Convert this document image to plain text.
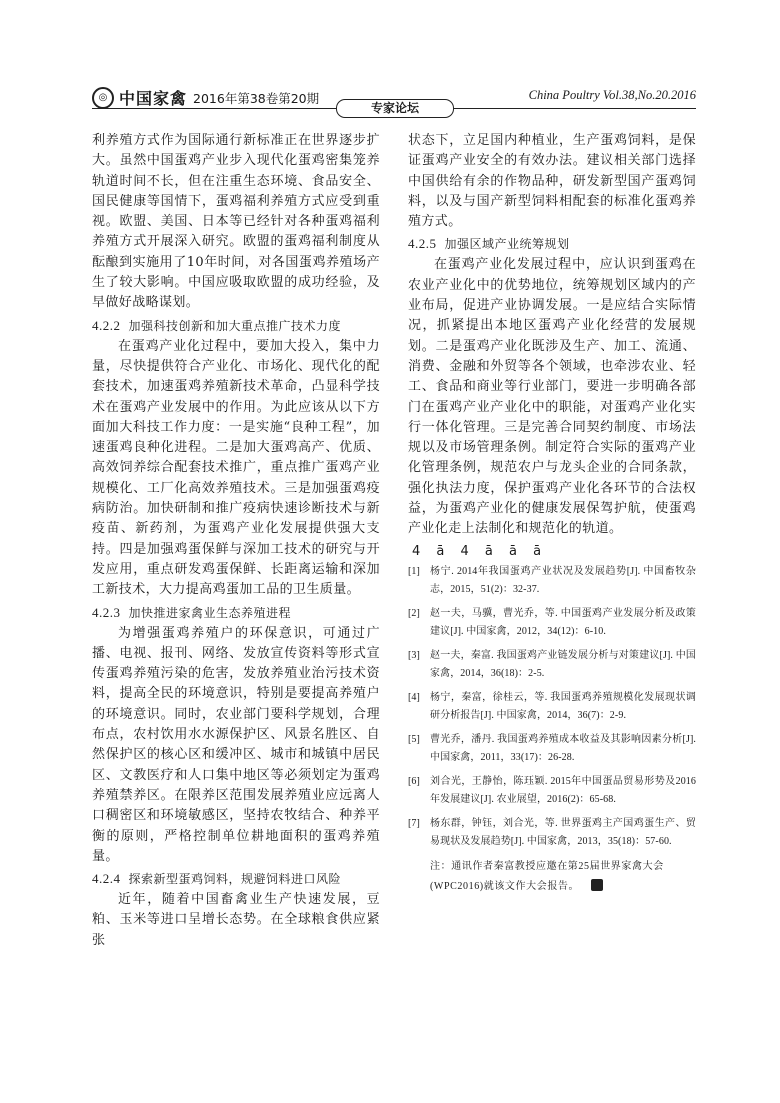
◎ 中国家禽 2016年第38卷第20期	China Poultry Vol.38,No.20.2016
专家论坛

利养殖方式作为国际通行新标准正在世界逐步扩大。虽然中国蛋鸡产业步入现代化蛋鸡密集笼养轨道时间不长，但在注重生态环境、食品安全、国民健康等国情下，蛋鸡福利养殖方式应受到重视。欧盟、美国、日本等已经针对各种蛋鸡福利养殖方式开展深入研究。欧盟的蛋鸡福利制度从酝酿到实施用了10年时间，对各国蛋鸡养殖场产生了较大影响。中国应吸取欧盟的成功经验，及早做好战略谋划。

4.2.2 加强科技创新和加大重点推广技术力度

在蛋鸡产业化过程中，要加大投入，集中力量，尽快提供符合产业化、市场化、现代化的配套技术，加速蛋鸡养殖新技术革命，凸显科学技术在蛋鸡产业发展中的作用。为此应该从以下方面加大科技工作力度：一是实施“良种工程”，加速蛋鸡良种化进程。二是加大蛋鸡高产、优质、高效饲养综合配套技术推广，重点推广蛋鸡产业规模化、工厂化高效养殖技术。三是加强蛋鸡疫病防治。加快研制和推广疫病快速诊断技术与新疫苗、新药剂，为蛋鸡产业化发展提供强大支持。四是加强鸡蛋保鲜与深加工技术的研究与开发应用，重点研发鸡蛋保鲜、长距离运输和深加工新技术，大力提高鸡蛋加工品的卫生质量。

4.2.3 加快推进家禽业生态养殖进程

为增强蛋鸡养殖户的环保意识，可通过广播、电视、报刊、网络、发放宣传资料等形式宣传蛋鸡养殖污染的危害，发放养殖业治污技术资料，提高全民的环境意识，特别是要提高养殖户的环境意识。同时，农业部门要科学规划，合理布点，农村饮用水水源保护区、风景名胜区、自然保护区的核心区和缓冲区、城市和城镇中居民区、文教医疗和人口集中地区等必须划定为蛋鸡养殖禁养区。在限养区范围发展养殖业应远离人口稠密区和环境敏感区，坚持农牧结合、种养平衡的原则，严格控制单位耕地面积的蛋鸡养殖量。

4.2.4 探索新型蛋鸡饲料，规避饲料进口风险

近年，随着中国畜禽业生产快速发展，豆粕、玉米等进口呈增长态势。在全球粮食供应紧张

状态下，立足国内种植业，生产蛋鸡饲料，是保证蛋鸡产业安全的有效办法。建议相关部门选择中国供给有余的作物品种，研发新型国产蛋鸡饲料，以及与国产新型饲料相配套的标准化蛋鸡养殖方式。

4.2.5 加强区域产业统筹规划

在蛋鸡产业化发展过程中，应认识到蛋鸡在农业产业化中的优势地位，统筹规划区域内的产业布局，促进产业协调发展。一是应结合实际情况，抓紧提出本地区蛋鸡产业化经营的发展规划。二是蛋鸡产业化既涉及生产、加工、流通、消费、金融和外贸等各个领域，也牵涉农业、轻工、食品和商业等行业部门，要进一步明确各部门在蛋鸡产业产业化中的职能，对蛋鸡产业化实行一体化管理。三是完善合同契约制度、市场法规以及市场管理条例。制定符合实际的蛋鸡产业化管理条例，规范农户与龙头企业的合同条款，强化执法力度，保护蛋鸡产业化各环节的合法权益，为蛋鸡产业化的健康发展保驾护航，使蛋鸡产业化走上法制化和规范化的轨道。

4 ā 4 ā ā ā
[1]	杨宁. 2014年我国蛋鸡产业状况及发展趋势[J]. 中国畜牧杂志，2015，51(2)：32-37.
[2]	赵一夫，马骥，曹光乔，等. 中国蛋鸡产业发展分析及政策建议[J]. 中国家禽，2012，34(12)：6-10.
[3]	赵一夫，秦富. 我国蛋鸡产业链发展分析与对策建议[J]. 中国家禽，2014，36(18)：2-5.
[4]	杨宁，秦富，徐桂云，等. 我国蛋鸡养殖规模化发展现状调研分析报告[J]. 中国家禽，2014，36(7)：2-9.
[5]	曹光乔，潘丹. 我国蛋鸡养殖成本收益及其影响因素分析[J]. 中国家禽，2011，33(17)：26-28.
[6]	刘合光，王静怡，陈珏颖. 2015年中国蛋品贸易形势及2016年发展建议[J]. 农业展望，2016(2)：65-68.
[7]	杨东群，钟钰，刘合光，等. 世界蛋鸡主产国鸡蛋生产、贸易现状及发展趋势[J]. 中国家禽，2013，35(18)：57-60.
注：通讯作者秦富教授应邀在第25届世界家禽大会(WPC2016)就该文作大会报告。
